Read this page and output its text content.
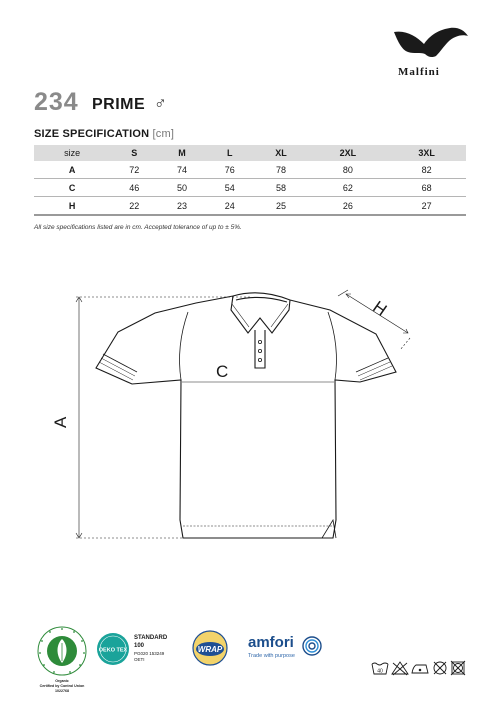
Malfini
234 PRIME ♂
SIZE SPECIFICATION [cm]
size	S	M	L	XL	2XL	3XL
A	72	74	76	78	80	82
C	46	50	54	58	62	68
H	22	23	24	25	26	27
All size specifications listed are in cm. Accepted tolerance of up to ± 5%.
C
A
H
Organic
Certified by Control Union
1022768
OEKO TEX
STANDARD
100
PG020 153249
OETI
WRAP amfori
Trade with purpose
40
